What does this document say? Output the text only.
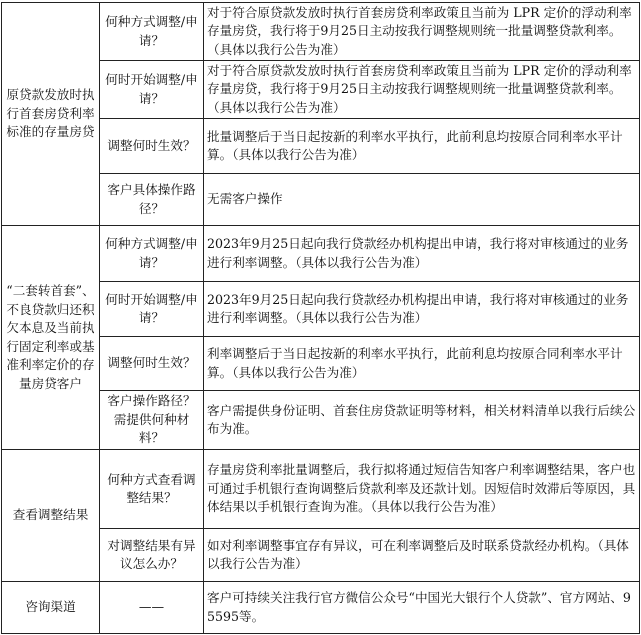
原贷款发放时执行首套房贷利率标准的存量房贷	何种方式调整/申请？	对于符合原贷款发放时执行首套房贷利率政策且当前为 LPR 定价的浮动利率存量房贷，我行将于9月25日主动按我行调整规则统一批量调整贷款利率。（具体以我行公告为准）
	何时开始调整/申请？	对于符合原贷款发放时执行首套房贷利率政策且当前为 LPR 定价的浮动利率存量房贷，我行将于9月25日主动按我行调整规则统一批量调整贷款利率。（具体以我行公告为准）
	调整何时生效？	批量调整后于当日起按新的利率水平执行，此前利息均按原合同利率水平计算。（具体以我行公告为准）
	客户具体操作路径？	无需客户操作
“二套转首套”、不良贷款归还积欠本息及当前执行固定利率或基准利率定价的存量房贷客户	何种方式调整/申请？	2023年9月25日起向我行贷款经办机构提出申请，我行将对审核通过的业务进行利率调整。（具体以我行公告为准）
	何时开始调整/申请？	2023年9月25日起向我行贷款经办机构提出申请，我行将对审核通过的业务进行利率调整。（具体以我行公告为准）
	调整何时生效？	利率调整后于当日起按新的利率水平执行，此前利息均按原合同利率水平计算。（具体以我行公告为准）
	客户操作路径？需提供何种材料？	客户需提供身份证明、首套住房贷款证明等材料，相关材料清单以我行后续公布为准。
查看调整结果	何种方式查看调整结果？	存量房贷利率批量调整后，我行拟将通过短信告知客户利率调整结果，客户也可通过手机银行查询调整后贷款利率及还款计划。因短信时效滞后等原因，具体结果以手机银行查询为准。（具体以我行公告为准）
	对调整结果有异议怎么办？	如对利率调整事宜存有异议，可在利率调整后及时联系贷款经办机构。（具体以我行公告为准）
咨询渠道	——	客户可持续关注我行官方微信公众号“中国光大银行个人贷款”、官方网站、95595等。
